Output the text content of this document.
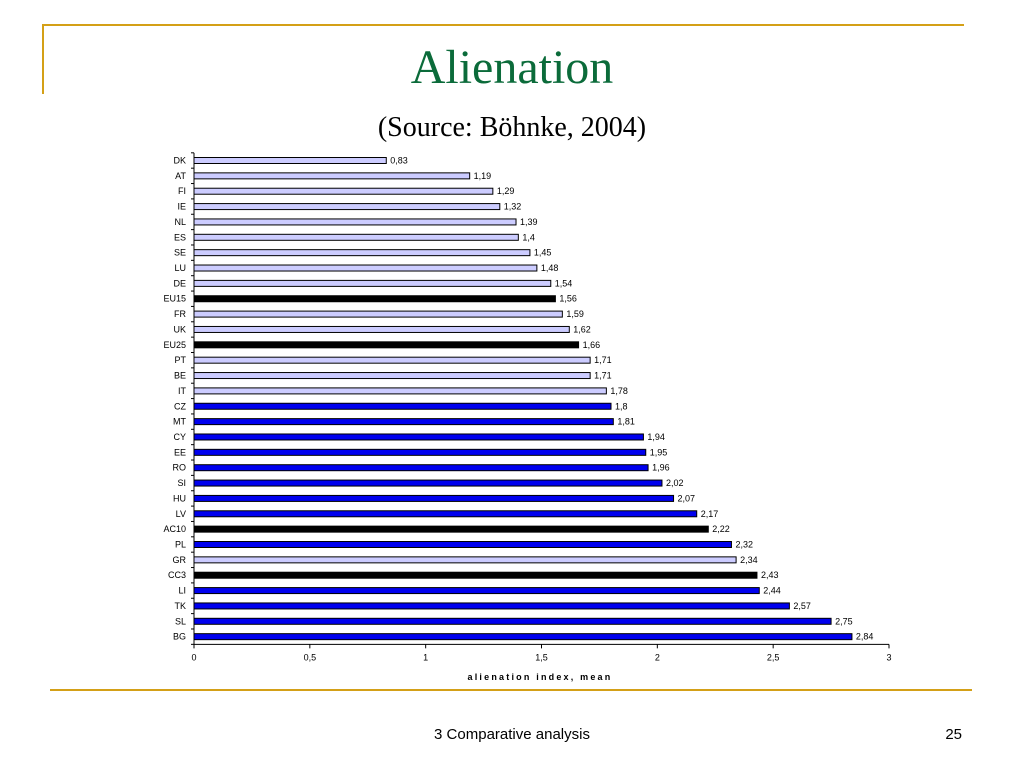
Alienation
(Source: Böhnke, 2004)
DK	0,83
AT	1,19
FI	1,29
IE	1,32
NL	1,39
ES	1,4
SE	1,45
LU	1,48
DE	1,54
EU15	1,56
FR	1,59
UK	1,62
EU25	1,66
PT	1,71
BE	1,71
IT	1,78
CZ	1,8
MT	1,81
CY	1,94
EE	1,95
RO	1,96
SI	2,02
HU	2,07
LV	2,17
AC10	2,22
PL	2,32
GR	2,34
CC3	2,43
LI	2,44
TK	2,57
SL	2,75
BG	2,84
0	0,5	1	1,5	2	2,5	3
alienation index, mean
3 Comparative analysis	25
